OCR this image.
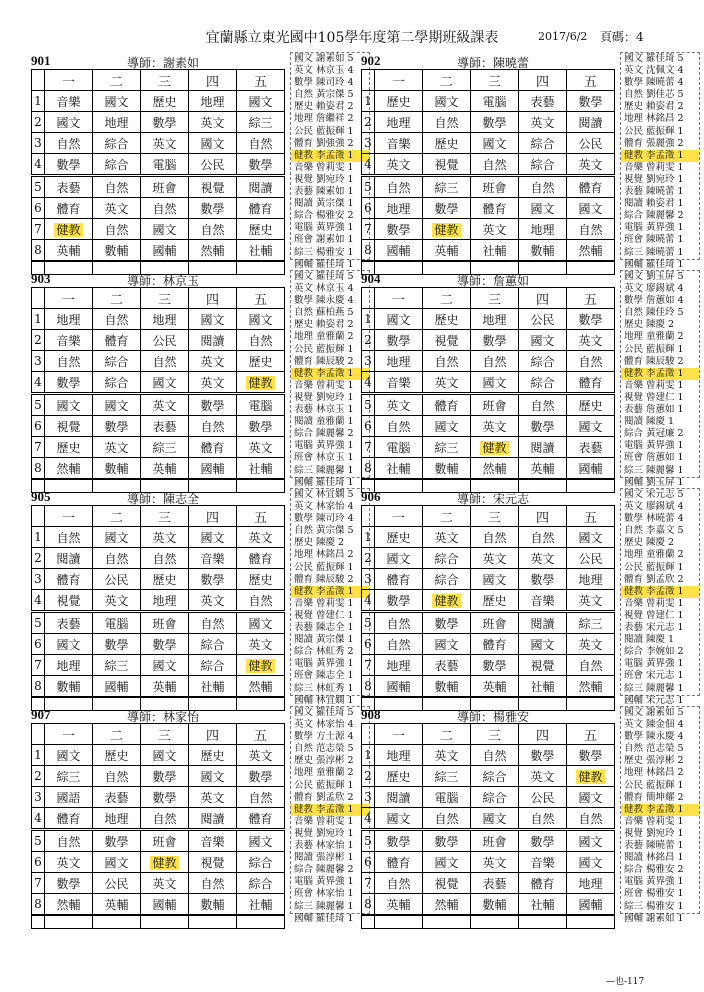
宜蘭縣立東光國中105學年度第二學期班級課表	2017/6/2 頁碼：4
901	導師：謝素如
	一	二	三	四	五
1	音樂	國文	歷史	地理	國文
2	國文	地理	數學	英文	綜三
3	自然	綜合	英文	國文	自然
4	數學	綜合	電腦	公民	數學
5	表藝	自然	班會	視覺	閱讀
6	體育	英文	自然	數學	體育
7	健教	自然	國文	自然	歷史
8	英輔	數輔	國輔	然輔	社輔

國文 謝素如 5
英文 林京玉 4
數學 陳司玲 4
自然 黃宗傑 5
歷史 賴姿君 2
地理 詹繼祥 2
公民 藍振輝 1
體育 劉強強 2
健教 李孟澂 1
音樂 曾莉雯 1
視覺 劉宛玲 1
表藝 陳素如 1
閱讀 黃宗傑 1
綜合 楊雅安 2
電腦 黃界強 1
班會 謝素如 1
綜三 楊雅安 1
國輔 羅佳琦 1
902	導師：陳曉蕾
	一	二	三	四	五
1	歷史	國文	電腦	表藝	數學
2	地理	自然	數學	英文	閱讀
3	音樂	歷史	國文	綜合	公民
4	英文	視覺	自然	綜合	英文
5	自然	綜三	班會	自然	體育
6	地理	數學	體育	國文	國文
7	數學	健教	英文	地理	自然
8	國輔	英輔	社輔	數輔	然輔

國文 羅佳琦 5
英文 沈佩文 4
數學 陳曉蕾 4
自然 劉佳芯 5
歷史 賴姿君 2
地理 林銘昌 2
公民 藍振輝 1
體育 張麗強 2
健教 李孟澂 1
音樂 曾莉雯 1
視覺 劉宛玲 1
表藝 陳曉蕾 1
閱讀 賴姿君 1
綜合 陳麗馨 2
電腦 黃界強 1
班會 陳曉蕾 1
綜三 陳曉蕾 1
國輔 羅佳琦 1
903	導師：林京玉
	一	二	三	四	五
1	地理	自然	地理	國文	國文
2	音樂	體育	公民	閱讀	自然
3	自然	綜合	自然	英文	歷史
4	數學	綜合	國文	英文	健教
5	國文	國文	英文	數學	電腦
6	視覺	數學	表藝	自然	數學
7	歷史	英文	綜三	體育	英文
8	然輔	數輔	英輔	國輔	社輔

國文 羅佳琦 5
英文 林京玉 4
數學 陳永慶 4
自然 蘇柏燕 5
歷史 賴姿君 2
地理 童雅蘭 2
公民 藍振輝 1
體育 陳辰駿 2
健教 李孟澂 1
音樂 曾莉雯 1
視覺 劉宛玲 1
表藝 林京玉 1
閱讀 童雅蘭 1
綜合 陳麗馨 2
電腦 黃界強 1
班會 林京玉 1
綜三 陳麗馨 1
國輔 羅佳琦 1
904	導師：詹蕙如
	一	二	三	四	五
1	國文	歷史	地理	公民	數學
2	數學	視覺	數學	國文	英文
3	地理	自然	自然	綜合	自然
4	音樂	英文	國文	綜合	體育
5	英文	體育	班會	自然	歷史
6	自然	國文	英文	數學	國文
7	電腦	綜三	健教	閱讀	表藝
8	社輔	數輔	然輔	英輔	國輔

國文 劉玉屏 5
英文 廖錫斌 4
數學 詹蕙如 4
自然 陳佳玲 5
歷史 陳慶 2
地理 童雅蘭 2
公民 藍振輝 1
體育 陳辰駿 2
健教 李孟澂 1
音樂 曾莉雯 1
視覺 曾建仁 1
表藝 詹蕙如 1
閱讀 陳慶 1
綜合 黃冠廉 2
電腦 黃界強 1
班會 詹蕙如 1
綜三 陳麗馨 1
國輔 劉玉屏 1
905	導師：陳志全
	一	二	三	四	五
1	自然	國文	英文	國文	英文
2	閱讀	自然	自然	音樂	體育
3	體育	公民	歷史	數學	歷史
4	視覺	英文	地理	英文	自然
5	表藝	電腦	班會	自然	國文
6	國文	數學	數學	綜合	英文
7	地理	綜三	國文	綜合	健教
8	數輔	國輔	英輔	社輔	然輔

國文 林宜嫻 5
英文 林家怡 4
數學 陳司玲 4
自然 黃宗傑 5
歷史 陳慶 2
地理 林銘昌 2
公民 藍振輝 1
體育 陳辰駿 2
健教 李孟澂 1
音樂 曾莉雯 1
視覺 曾建仁 1
表藝 陳志全 1
閱讀 黃宗傑 1
綜合 林虹秀 2
電腦 黃界強 1
班會 陳志全 1
綜三 林虹秀 1
國輔 林宜嫻 1
906	導師：宋元志
	一	二	三	四	五
1	歷史	英文	自然	自然	國文
2	國文	綜合	英文	英文	公民
3	體育	綜合	國文	數學	地理
4	數學	健教	歷史	音樂	英文
5	自然	數學	班會	閱讀	綜三
6	自然	國文	體育	國文	英文
7	地理	表藝	數學	視覺	自然
8	國輔	數輔	英輔	社輔	然輔

國文 宋元志 5
英文 廖錫斌 4
數學 林曉蕾 4
自然 李嘉文 5
歷史 陳慶 2
地理 童雅蘭 2
公民 藍振輝 1
體育 劉孟欣 2
健教 李孟澂 1
音樂 曾莉雯 1
視覺 曾建仁 1
表藝 宋元志 1
閱讀 陳慶 1
綜合 李婉如 2
電腦 黃界強 1
班會 宋元志 1
綜三 陳麗馨 1
國輔 宋元志 1
907	導師：林家怡
	一	二	三	四	五
1	國文	歷史	國文	歷史	英文
2	綜三	自然	數學	國文	數學
3	國語	表藝	數學	英文	自然
4	體育	地理	自然	閱讀	體育
5	自然	數學	班會	音樂	國文
6	英文	國文	健教	視覺	綜合
7	數學	公民	英文	自然	綜合
8	然輔	英輔	國輔	數輔	社輔

國文 羅佳琦 5
英文 林家怡 4
數學 方士源 4
自然 范志榮 5
歷史 張淳彬 2
地理 童雅蘭 2
公民 藍振輝 1
體育 劉孟欣 2
健教 李孟澂 1
音樂 曾莉雯 1
視覺 劉宛玲 1
表藝 林家怡 1
閱讀 張淳彬 1
綜合 陳麗馨 2
電腦 黃界強 1
班會 林家怡 1
綜三 陳麗馨 1
國輔 羅佳琦 1
908	導師：楊雅安
	一	二	三	四	五
1	地理	英文	自然	數學	數學
2	歷史	綜三	綜合	英文	健教
3	閱讀	電腦	綜合	公民	國文
4	國文	自然	國文	自然	自然
5	數學	數學	班會	數學	國文
6	體育	國文	英文	音樂	國文
7	自然	視覺	表藝	體育	地理
8	英輔	然輔	數輔	社輔	國輔

國文 謝素如 5
英文 陳金佃 4
數學 陳永慶 4
自然 范志榮 5
歷史 張淳彬 2
地理 林銘昌 2
公民 藍振輝 1
體育 簡坤耀 2
健教 李孟澂 1
音樂 曾莉雯 1
視覺 劉宛玲 1
表藝 陳曉蕾 1
閱讀 林銘昌 1
綜合 楊雅安 2
電腦 黃界強 1
班會 楊雅安 1
綜三 楊雅安 1
國輔 謝素如 1
—也-117
